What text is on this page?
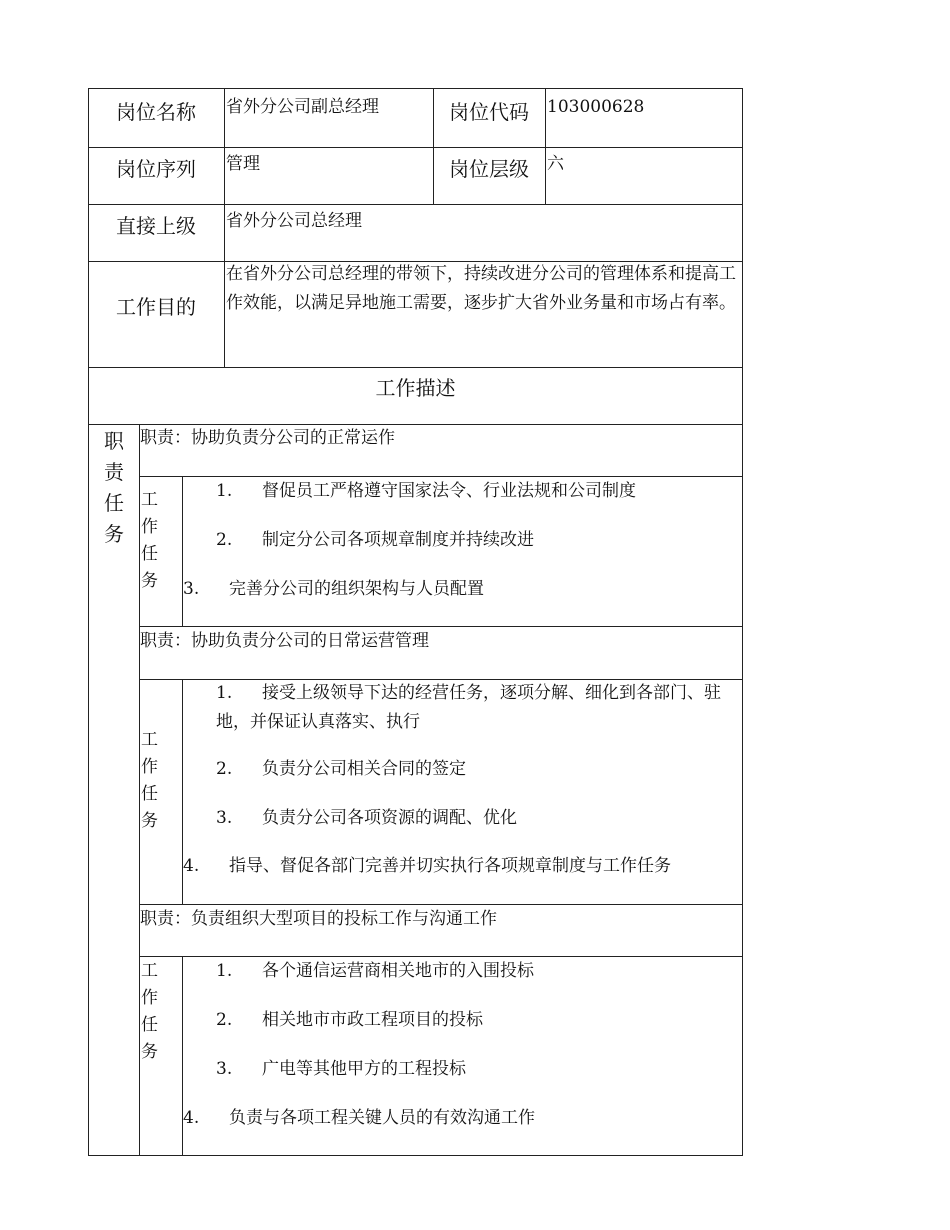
岗位名称	省外分公司副总经理	岗位代码	103000628
岗位序列	管理	岗位层级	六
直接上级	省外分公司总经理
工作目的
在省外分公司总经理的带领下，持续改进分公司的管理体系和提高工作效能，以满足异地施工需要，逐步扩大省外业务量和市场占有率。
工作描述
职责任务
职责：协助负责分公司的正常运作
工作任务
1. 督促员工严格遵守国家法令、行业法规和公司制度
2. 制定分公司各项规章制度并持续改进
3. 完善分公司的组织架构与人员配置
职责：协助负责分公司的日常运营管理
工作任务
1. 接受上级领导下达的经营任务，逐项分解、细化到各部门、驻地，并保证认真落实、执行
2. 负责分公司相关合同的签定
3. 负责分公司各项资源的调配、优化
4. 指导、督促各部门完善并切实执行各项规章制度与工作任务
职责：负责组织大型项目的投标工作与沟通工作
工作任务
1. 各个通信运营商相关地市的入围投标
2. 相关地市市政工程项目的投标
3. 广电等其他甲方的工程投标
4. 负责与各项工程关键人员的有效沟通工作
